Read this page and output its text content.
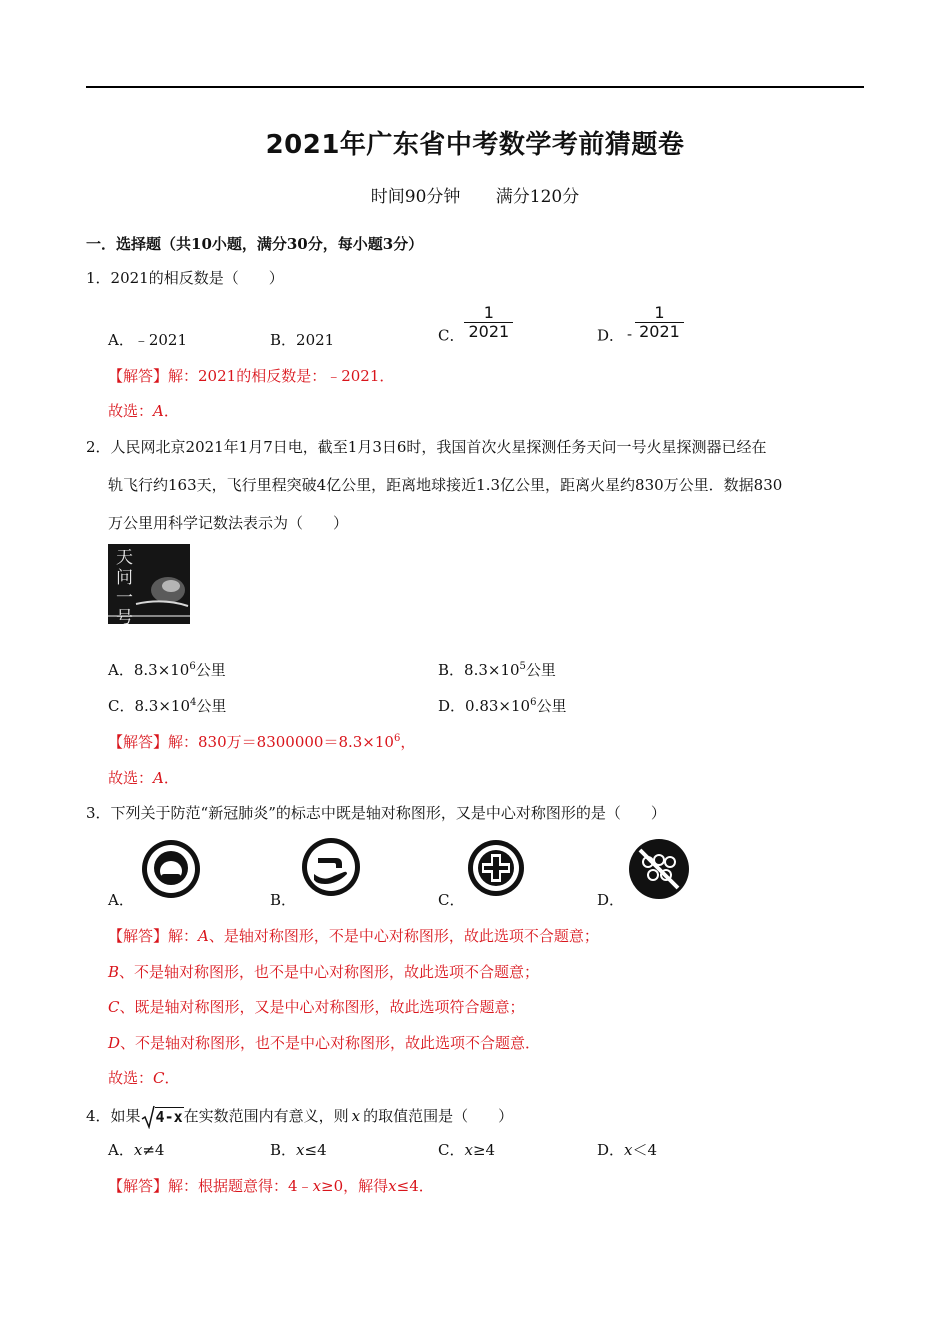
2021年广东省中考数学考前猜题卷
时间90分钟 满分120分
一．选择题（共10小题，满分30分，每小题3分）
1．2021的相反数是（　　）
A．﹣2021	B．2021	C． $\frac{1}{2021}$	D． - $\frac{1}{2021}$
【解答】解：2021的相反数是：﹣2021．
故选：A．
2．人民网北京2021年1月7日电，截至1月3日6时，我国首次火星探测任务天问一号火星探测器已经在
轨飞行约163天，飞行里程突破4亿公里，距离地球接近1.3亿公里，距离火星约830万公里．数据830
万公里用科学记数法表示为（　　）
天问一号
A．$8.3\times 10^6$公里	B．$8.3\times 10^5$公里
C．$8.3\times 10^4$公里	D．$0.83\times 10^6$公里
【解答】解：830万$=8300000=8.3\times 10^6$，
故选：A．
3．下列关于防范“新冠肺炎”的标志中既是轴对称图形，又是中心对称图形的是（　　）
A．	B．	C．	D．
【解答】解：A、是轴对称图形，不是中心对称图形，故此选项不合题意；
B、不是轴对称图形，也不是中心对称图形，故此选项不合题意；
C、既是轴对称图形，又是中心对称图形，故此选项符合题意；
D、不是轴对称图形，也不是中心对称图形，故此选项不合题意．
故选：C．
4．如果 4-x在实数范围内有意义，则 x 的取值范围是（　　）
A．x≠4	B．x≤4	C．x≥4	D．x＜4
【解答】解：根据题意得：4﹣x≥0，解得x≤4．
